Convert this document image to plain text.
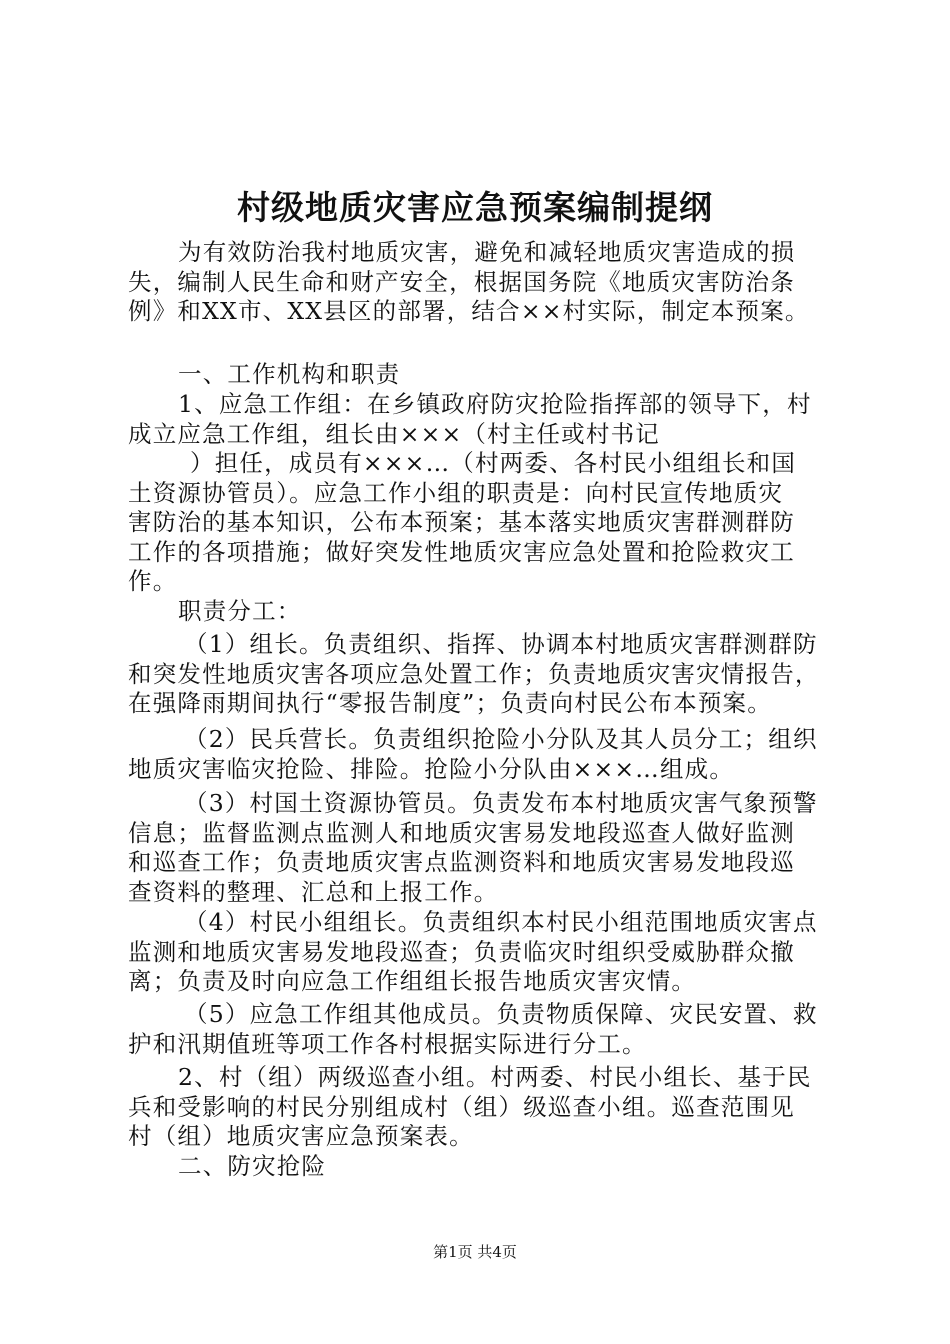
村级地质灾害应急预案编制提纲
为有效防治我村地质灾害，避免和减轻地质灾害造成的损
失，编制人民生命和财产安全，根据国务院《地质灾害防治条
例》和XX市、XX县区的部署，结合××村实际，制定本预案。
一、工作机构和职责
1、应急工作组：在乡镇政府防灾抢险指挥部的领导下，村
成立应急工作组，组长由×××（村主任或村书记
）担任，成员有×××…（村两委、各村民小组组长和国
土资源协管员）。应急工作小组的职责是：向村民宣传地质灾
害防治的基本知识，公布本预案；基本落实地质灾害群测群防
工作的各项措施；做好突发性地质灾害应急处置和抢险救灾工
作。
职责分工：
（1）组长。负责组织、指挥、协调本村地质灾害群测群防
和突发性地质灾害各项应急处置工作；负责地质灾害灾情报告，
在强降雨期间执行“零报告制度”；负责向村民公布本预案。
（2）民兵营长。负责组织抢险小分队及其人员分工；组织
地质灾害临灾抢险、排险。抢险小分队由×××…组成。
（3）村国土资源协管员。负责发布本村地质灾害气象预警
信息；监督监测点监测人和地质灾害易发地段巡查人做好监测
和巡查工作；负责地质灾害点监测资料和地质灾害易发地段巡
查资料的整理、汇总和上报工作。
（4）村民小组组长。负责组织本村民小组范围地质灾害点
监测和地质灾害易发地段巡查；负责临灾时组织受威胁群众撤
离；负责及时向应急工作组组长报告地质灾害灾情。
（5）应急工作组其他成员。负责物质保障、灾民安置、救
护和汛期值班等项工作各村根据实际进行分工。
2、村（组）两级巡查小组。村两委、村民小组长、基于民
兵和受影响的村民分别组成村（组）级巡查小组。巡查范围见
村（组）地质灾害应急预案表。
二、防灾抢险
第1页 共4页
